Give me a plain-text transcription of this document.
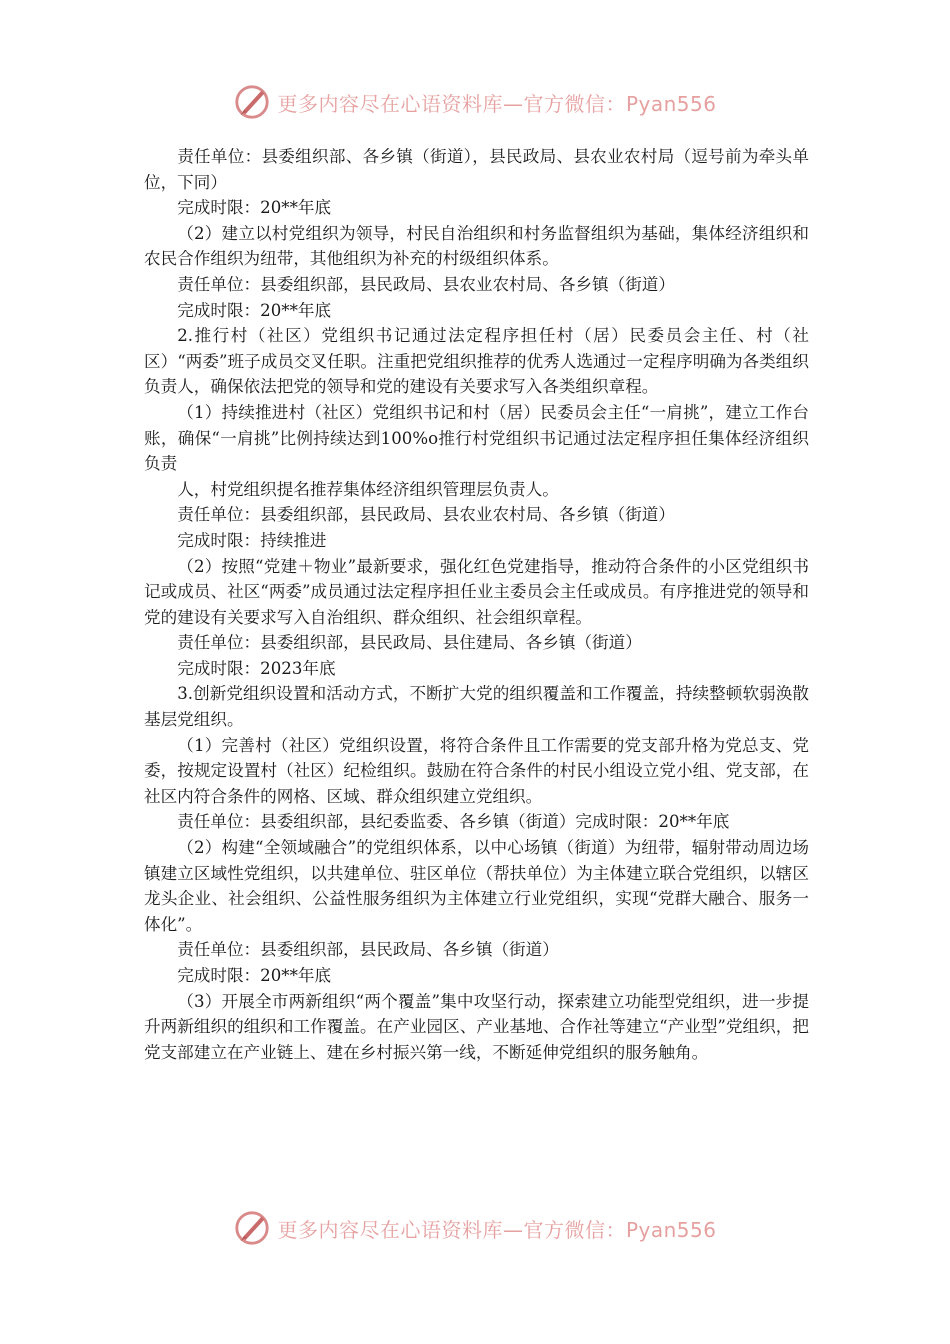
更多内容尽在心语资料库—官方微信：Pyan556

责任单位：县委组织部、各乡镇（街道），县民政局、县农业农村局（逗号前为牵头单位，下同）

完成时限：20**年底

（2）建立以村党组织为领导，村民自治组织和村务监督组织为基础，集体经济组织和农民合作组织为纽带，其他组织为补充的村级组织体系。

责任单位：县委组织部，县民政局、县农业农村局、各乡镇（街道）

完成时限：20**年底

2.推行村（社区）党组织书记通过法定程序担任村（居）民委员会主任、村（社区）“两委”班子成员交叉任职。注重把党组织推荐的优秀人选通过一定程序明确为各类组织负责人，确保依法把党的领导和党的建设有关要求写入各类组织章程。

（1）持续推进村（社区）党组织书记和村（居）民委员会主任“一肩挑”，建立工作台账，确保“一肩挑”比例持续达到100%o推行村党组织书记通过法定程序担任集体经济组织负责

人，村党组织提名推荐集体经济组织管理层负责人。

责任单位：县委组织部，县民政局、县农业农村局、各乡镇（街道）

完成时限：持续推进

（2）按照“党建＋物业”最新要求，强化红色党建指导，推动符合条件的小区党组织书记或成员、社区“两委”成员通过法定程序担任业主委员会主任或成员。有序推进党的领导和党的建设有关要求写入自治组织、群众组织、社会组织章程。

责任单位：县委组织部，县民政局、县住建局、各乡镇（街道）

完成时限：2023年底

3.创新党组织设置和活动方式，不断扩大党的组织覆盖和工作覆盖，持续整顿软弱涣散基层党组织。

（1）完善村（社区）党组织设置，将符合条件且工作需要的党支部升格为党总支、党委，按规定设置村（社区）纪检组织。鼓励在符合条件的村民小组设立党小组、党支部，在社区内符合条件的网格、区域、群众组织建立党组织。

责任单位：县委组织部，县纪委监委、各乡镇（街道）完成时限：20**年底

（2）构建“全领域融合”的党组织体系，以中心场镇（街道）为纽带，辐射带动周边场镇建立区域性党组织，以共建单位、驻区单位（帮扶单位）为主体建立联合党组织，以辖区龙头企业、社会组织、公益性服务组织为主体建立行业党组织，实现“党群大融合、服务一体化”。

责任单位：县委组织部，县民政局、各乡镇（街道）

完成时限：20**年底

（3）开展全市两新组织“两个覆盖”集中攻坚行动，探索建立功能型党组织，进一步提升两新组织的组织和工作覆盖。在产业园区、产业基地、合作社等建立“产业型”党组织，把党支部建立在产业链上、建在乡村振兴第一线，不断延伸党组织的服务触角。

更多内容尽在心语资料库—官方微信：Pyan556
